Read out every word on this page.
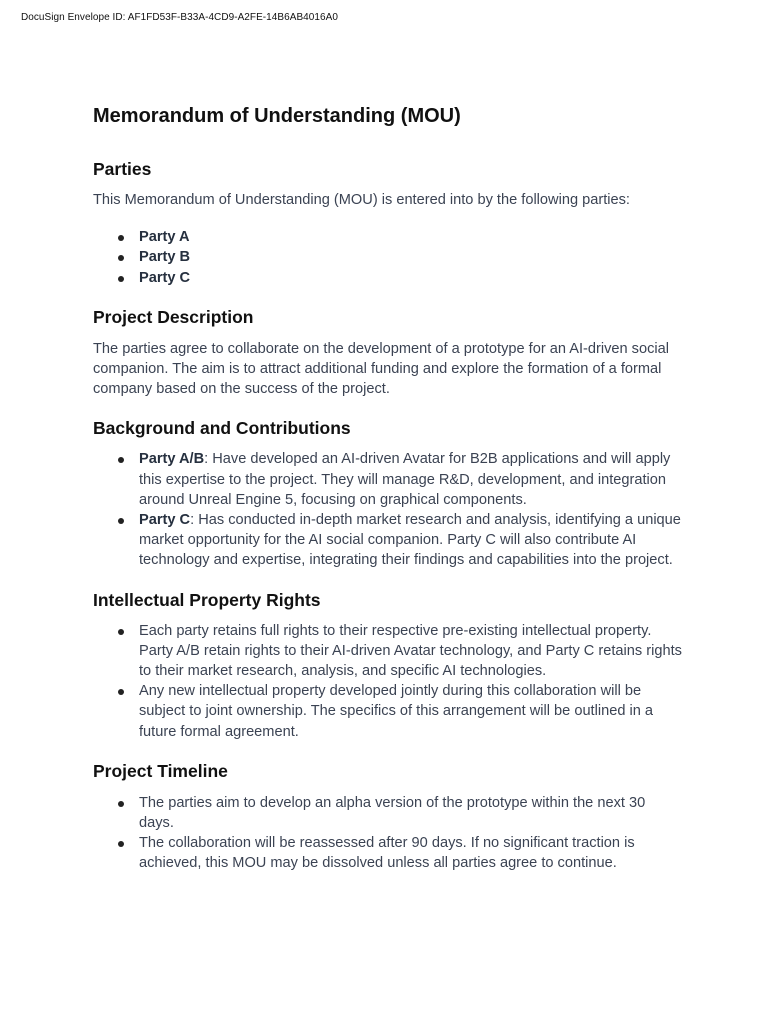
DocuSign Envelope ID: AF1FD53F-B33A-4CD9-A2FE-14B6AB4016A0
Memorandum of Understanding (MOU)
Parties

This Memorandum of Understanding (MOU) is entered into by the following parties:

Party A
Party B
Party C
Project Description

The parties agree to collaborate on the development of a prototype for an AI-driven social companion. The aim is to attract additional funding and explore the formation of a formal company based on the success of the project.

Background and Contributions
Party A/B: Have developed an AI-driven Avatar for B2B applications and will apply this expertise to the project. They will manage R&D, development, and integration around Unreal Engine 5, focusing on graphical components.
Party C: Has conducted in-depth market research and analysis, identifying a unique market opportunity for the AI social companion. Party C will also contribute AI technology and expertise, integrating their findings and capabilities into the project.
Intellectual Property Rights
Each party retains full rights to their respective pre-existing intellectual property. Party A/B retain rights to their AI-driven Avatar technology, and Party C retains rights to their market research, analysis, and specific AI technologies.
Any new intellectual property developed jointly during this collaboration will be subject to joint ownership. The specifics of this arrangement will be outlined in a future formal agreement.
Project Timeline
The parties aim to develop an alpha version of the prototype within the next 30 days.
The collaboration will be reassessed after 90 days. If no significant traction is achieved, this MOU may be dissolved unless all parties agree to continue.
